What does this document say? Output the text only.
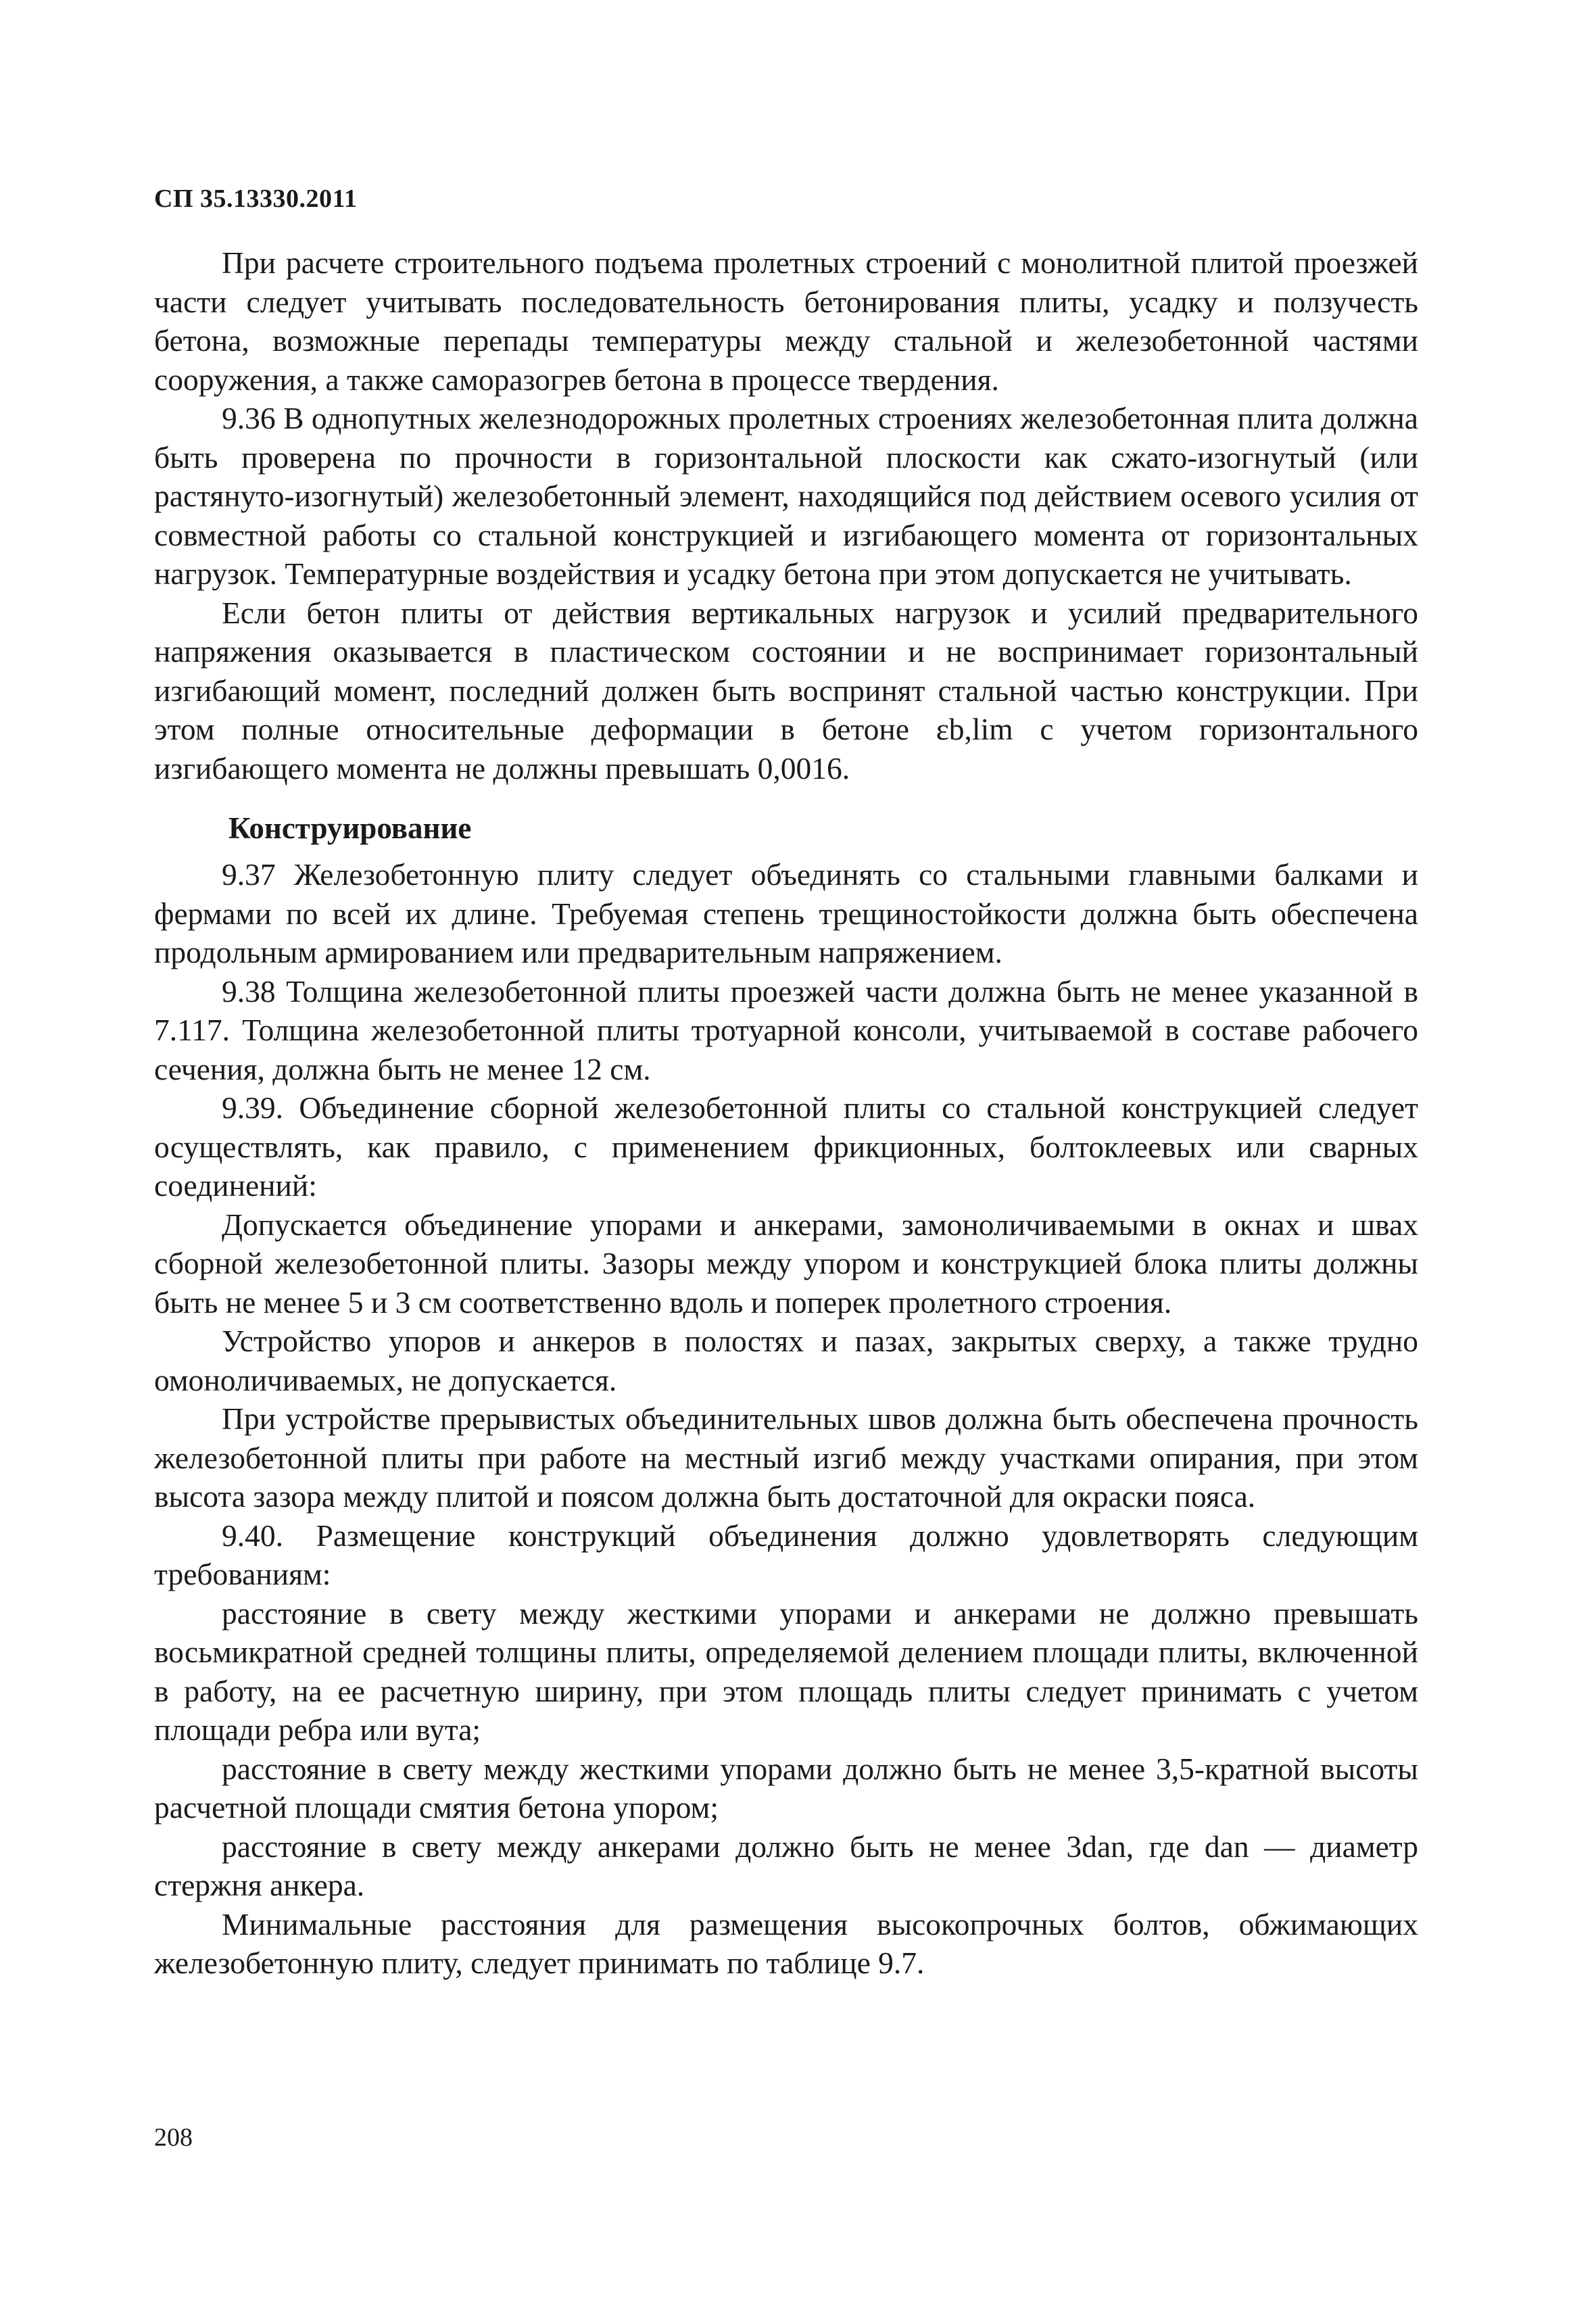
СП 35.13330.2011

При расчете строительного подъема пролетных строений с монолитной плитой проезжей части следует учитывать последовательность бетонирования плиты, усадку и ползучесть бетона, возможные перепады температуры между стальной и железобетонной частями сооружения, а также саморазогрев бетона в процессе твердения.

9.36 В однопутных железнодорожных пролетных строениях железобетонная плита должна быть проверена по прочности в горизонтальной плоскости как сжато-изогнутый (или растянуто-изогнутый) железобетонный элемент, находящийся под действием осевого усилия от совместной работы со стальной конструкцией и изгибающего момента от горизонтальных нагрузок. Температурные воздействия и усадку бетона при этом допускается не учитывать.

Если бетон плиты от действия вертикальных нагрузок и усилий предварительного напряжения оказывается в пластическом состоянии и не воспринимает горизонтальный изгибающий момент, последний должен быть воспринят стальной частью конструкции. При этом полные относительные деформации в бетоне εb,lim с учетом горизонтального изгибающего момента не должны превышать 0,0016.

Конструирование

9.37 Железобетонную плиту следует объединять со стальными главными балками и фермами по всей их длине. Требуемая степень трещиностойкости должна быть обеспечена продольным армированием или предварительным напряжением.

9.38 Толщина железобетонной плиты проезжей части должна быть не менее указанной в 7.117. Толщина железобетонной плиты тротуарной консоли, учитываемой в составе рабочего сечения, должна быть не менее 12 см.

9.39. Объединение сборной железобетонной плиты со стальной конструкцией следует осуществлять, как правило, с применением фрикционных, болтоклеевых или сварных соединений:

Допускается объединение упорами и анкерами, замоноличиваемыми в окнах и швах сборной железобетонной плиты. Зазоры между упором и конструкцией блока плиты должны быть не менее 5 и 3 см соответственно вдоль и поперек пролетного строения.

Устройство упоров и анкеров в полостях и пазах, закрытых сверху, а также трудно омоноличиваемых, не допускается.

При устройстве прерывистых объединительных швов должна быть обеспечена прочность железобетонной плиты при работе на местный изгиб между участками опирания, при этом высота зазора между плитой и поясом должна быть достаточной для окраски пояса.

9.40. Размещение конструкций объединения должно удовлетворять следующим требованиям:

расстояние в свету между жесткими упорами и анкерами не должно превышать восьмикратной средней толщины плиты, определяемой делением площади плиты, включенной в работу, на ее расчетную ширину, при этом площадь плиты следует принимать с учетом площади ребра или вута;

расстояние в свету между жесткими упорами должно быть не менее 3,5-кратной высоты расчетной площади смятия бетона упором;

расстояние в свету между анкерами должно быть не менее 3dan, где dan — диаметр стержня анкера.

Минимальные расстояния для размещения высокопрочных болтов, обжимающих железобетонную плиту, следует принимать по таблице 9.7.

208
